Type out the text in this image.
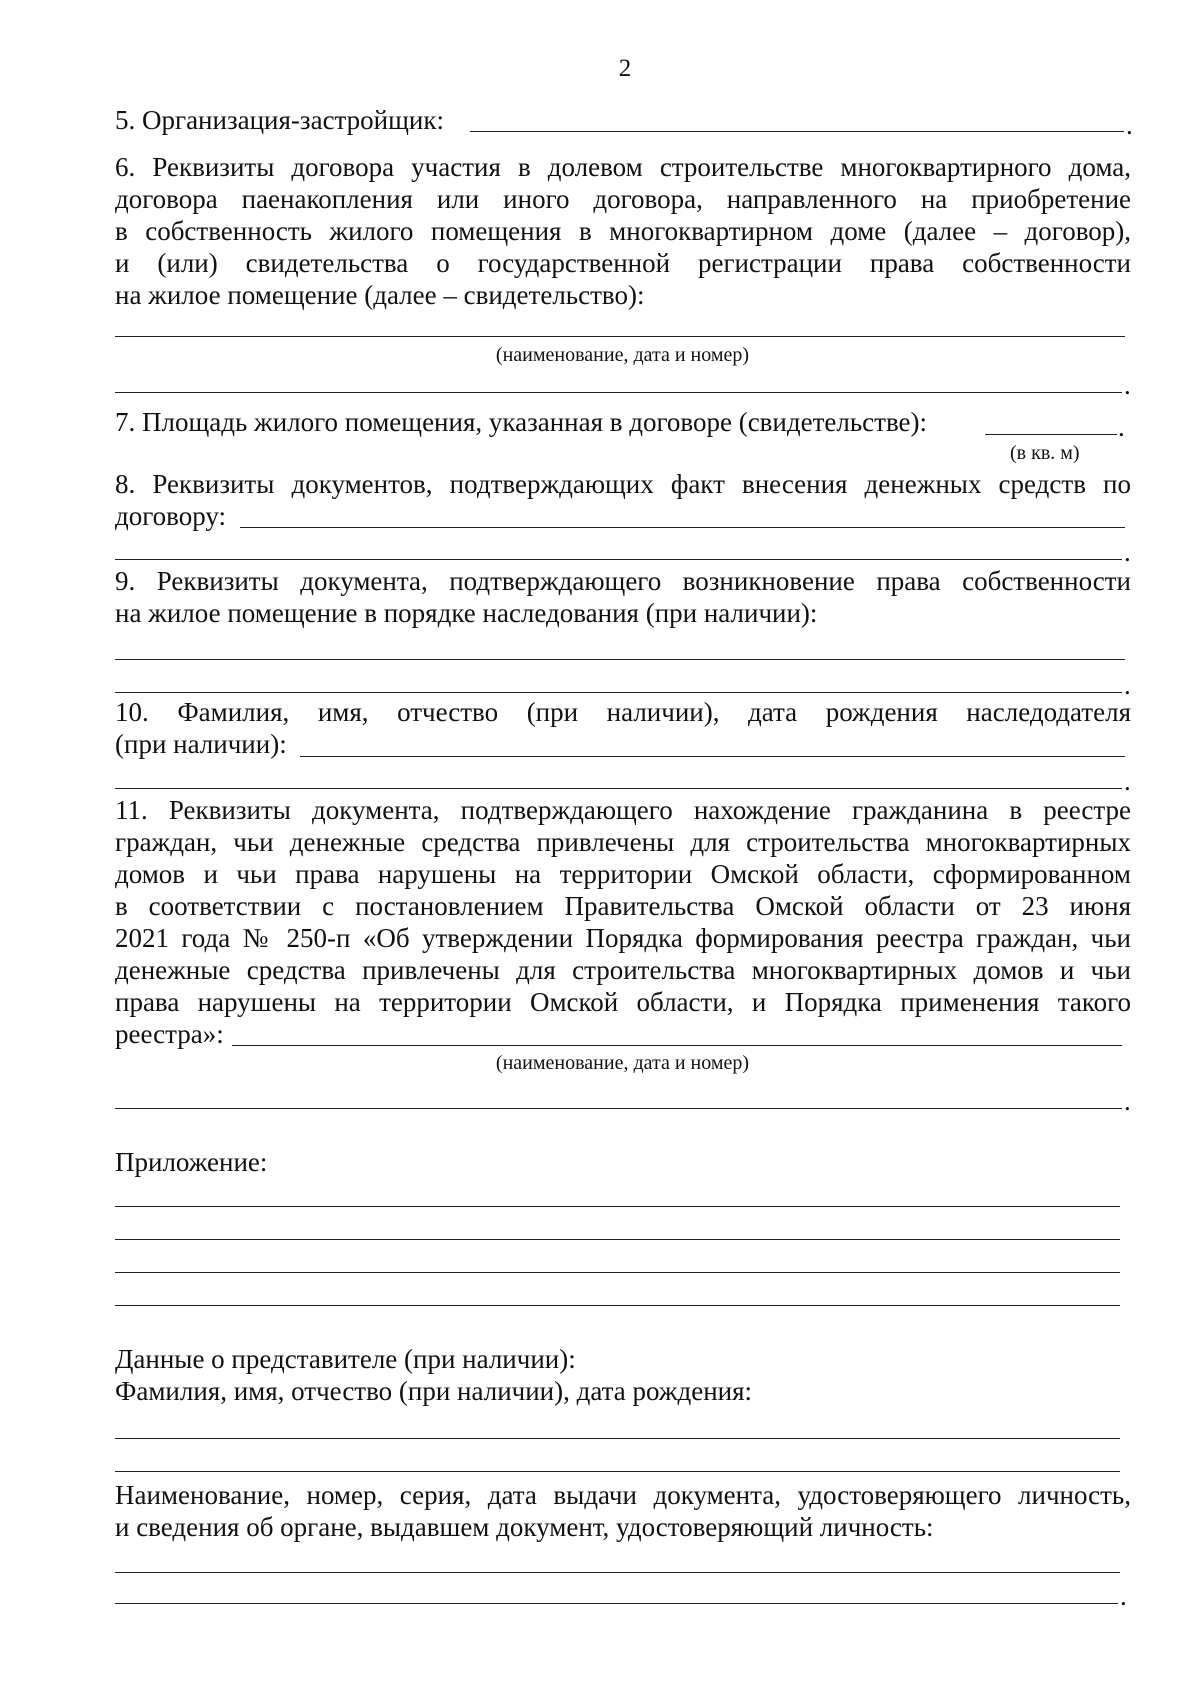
2
5. Организация-застройщик:	.
6. Реквизиты договора участия в долевом строительстве многоквартирного дома,
договора паенакопления или иного договора, направленного на приобретение
в собственность жилого помещения в многоквартирном доме (далее – договор),
и (или) свидетельства о государственной регистрации права собственности
на жилое помещение (далее – свидетельство):
(наименование, дата и номер)
.
7. Площадь жилого помещения, указанная в договоре (свидетельстве):	.
(в кв. м)
8. Реквизиты документов, подтверждающих факт внесения денежных средств по
договору:
.
9. Реквизиты документа, подтверждающего возникновение права собственности
на жилое помещение в порядке наследования (при наличии):
.
10. Фамилия, имя, отчество (при наличии), дата рождения наследодателя
(при наличии):
.
11. Реквизиты документа, подтверждающего нахождение гражданина в реестре
граждан, чьи денежные средства привлечены для строительства многоквартирных
домов и чьи права нарушены на территории Омской области, сформированном
в соответствии с постановлением Правительства Омской области от 23 июня
2021 года № 250-п «Об утверждении Порядка формирования реестра граждан, чьи
денежные средства привлечены для строительства многоквартирных домов и чьи
права нарушены на территории Омской области, и Порядка применения такого
реестра»:
(наименование, дата и номер)
.
Приложение:
Данные о представителе (при наличии):
Фамилия, имя, отчество (при наличии), дата рождения:
Наименование, номер, серия, дата выдачи документа, удостоверяющего личность,
и сведения об органе, выдавшем документ, удостоверяющий личность:
.
